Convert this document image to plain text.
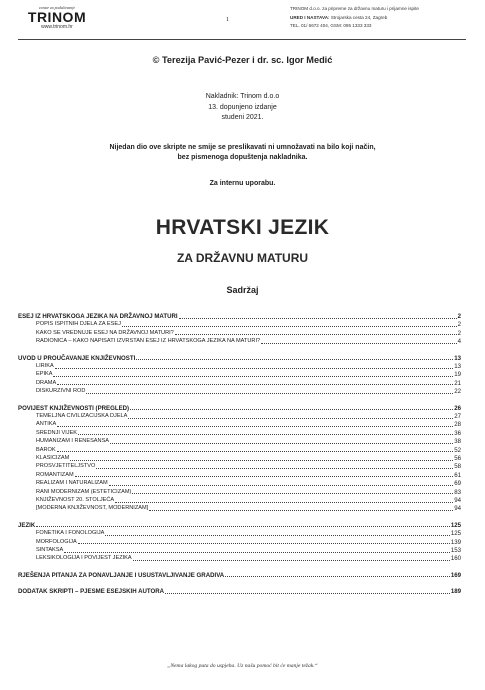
centar za podučavanje
TRINOM
www.trinom.hr
1
TRINOM d.o.o. za pripreme za državnu maturu i prijamne ispite
URED I NASTAVA: Strojarska cesta 24, Zagreb
TEL. 01/ 6672 404, GSM: 095 1333 333
© Terezija Pavić-Pezer i dr. sc. Igor Medić
Nakladnik: Trinom d.o.o
13. dopunjeno izdanje
studeni 2021.
Nijedan dio ove skripte ne smije se preslikavati ni umnožavati na bilo koji način,
bez pismenoga dopuštenja nakladnika.
Za internu uporabu.
HRVATSKI JEZIK
ZA DRŽAVNU MATURU
Sadržaj
ESEJ IZ HRVATSKOGA JEZIKA NA DRŽAVNOJ MATURI	2
POPIS ISPITNIH DJELA ZA ESEJ	2
KAKO SE VREDNUJE ESEJ NA DRŽAVNOJ MATURI?	2
RADIONICA – KAKO NAPISATI IZVRSTAN ESEJ IZ HRVATSKOGA JEZIKA NA MATURI?	4
UVOD U PROUČAVANJE KNJIŽEVNOSTI	13
LIRIKA	13
EPIKA	19
DRAMA	21
DISKURZIVNI ROD	22
POVIJEST KNJIŽEVNOSTI (PREGLED)	26
TEMELJNA CIVILIZACIJSKA DJELA	27
ANTIKA	28
SREDNJI VIJEK	36
HUMANIZAM I RENESANSA	38
BAROK	52
KLASICIZAM	56
PROSVJETITELJSTVO	58
ROMANTIZAM	61
REALIZAM I NATURALIZAM	69
RANI MODERNIZAM (ESTETICIZAM)	83
KNJIŽEVNOST 20. STOLJEĆA	94
[MODERNA KNJIŽEVNOST, MODERNIZAM]	94
JEZIK	125
FONETIKA I FONOLOGIJA	125
MORFOLOGIJA	139
SINTAKSA	153
LEKSIKOLOGIJA I POVIJEST JEZIKA	160
RJEŠENJA PITANJA ZA PONAVLJANJE I USUSTAVLJIVANJE GRADIVA	169
DODATAK SKRIPTI – PJESME ESEJSKIH AUTORA	189
„Nema lakog puta do uspjeha. Uz našu pomoć bit će manje težak.“
